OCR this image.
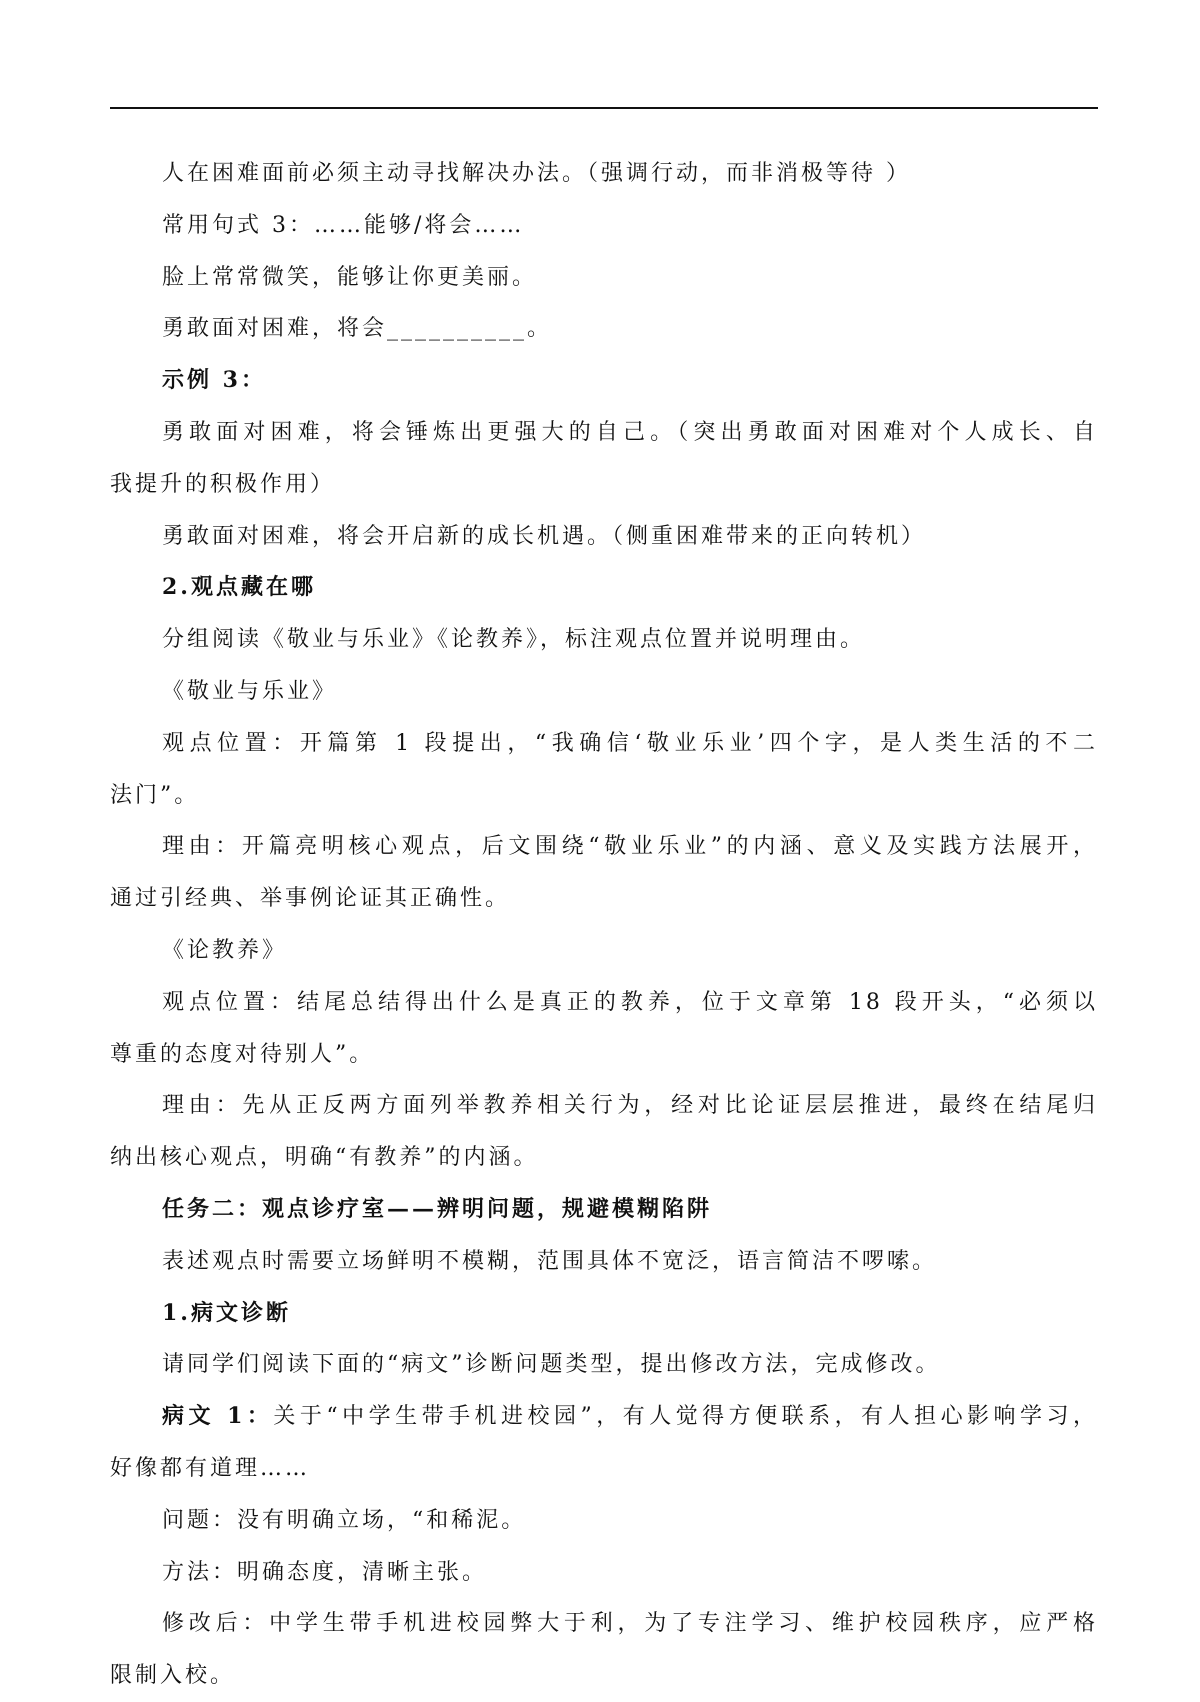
人在困难面前必须主动寻找解决办法。（强调行动，而非消极等待 ）
常用句式 3：……能够/将会……
脸上常常微笑，能够让你更美丽。
勇敢面对困难，将会__________。
示例 3：
勇敢面对困难，将会锤炼出更强大的自己。（突出勇敢面对困难对个人成长、自
我提升的积极作用）
勇敢面对困难，将会开启新的成长机遇。（侧重困难带来的正向转机）
2.观点藏在哪
分组阅读《敬业与乐业》《论教养》，标注观点位置并说明理由。
《敬业与乐业》
观点位置：开篇第 1 段提出，“我确信‘敬业乐业’四个字，是人类生活的不二
法门”。
理由：开篇亮明核心观点，后文围绕“敬业乐业”的内涵、意义及实践方法展开，
通过引经典、举事例论证其正确性。
《论教养》
观点位置：结尾总结得出什么是真正的教养，位于文章第 18 段开头，“必须以
尊重的态度对待别人”。
理由：先从正反两方面列举教养相关行为，经对比论证层层推进，最终在结尾归
纳出核心观点，明确“有教养”的内涵。
任务二：观点诊疗室——辨明问题，规避模糊陷阱
表述观点时需要立场鲜明不模糊，范围具体不宽泛，语言简洁不啰嗦。
1.病文诊断
请同学们阅读下面的“病文”诊断问题类型，提出修改方法，完成修改。
病文 1：关于“中学生带手机进校园”，有人觉得方便联系，有人担心影响学习，
好像都有道理……
问题：没有明确立场，“和稀泥。
方法：明确态度，清晰主张。
修改后：中学生带手机进校园弊大于利，为了专注学习、维护校园秩序，应严格
限制入校。
